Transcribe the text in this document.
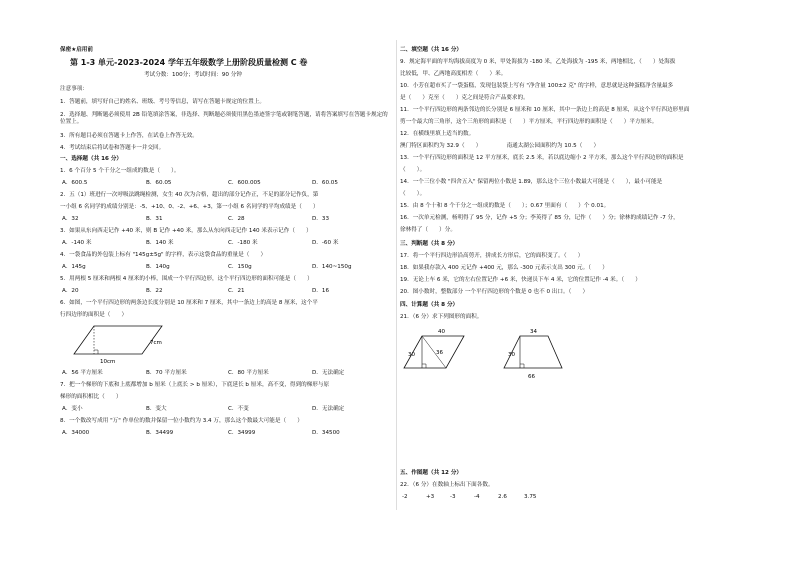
保密★启用前
第 1-3 单元-2023-2024 学年五年级数学上册阶段质量检测 C 卷
考试分数：100分；考试时间：90 分钟
注意事项：
1．答题前，填写好自己的姓名、班级、考号等信息，请写在答题卡规定的位置上。
2．选择题、判断题必须使用 2B 铅笔填涂答案，非选择、判断题必须使用黑色墨迹签字笔或钢笔答题，请将答案填写在答题卡规定的位置上。
3．所有题目必须在答题卡上作答，在试卷上作答无效。
4．考试结束后将试卷和答题卡一并交回。
一、选择题（共 16 分）
1．6 个百分 5 个千分之一组成的数是（　　）。
A．600.5	B．60.05	C．600.005	D．60.05
2．五（1）班进行一次呼吸法跳绳检测，女生 40 次为合格，超出的部分记作正，不足的部分记作负，第
一小组 6 名同学的成绩分别是：-5、+10、0、-2、+6、+3，第一小组 6 名同学的平均成绩是（　　）
A．32	B．31	C．28	D．33
3．如果从东向西走记作 +40 米，则 B 记作 +40 米，那么从东向西走记作 140 米表示记作（　　）
A．-140 米	B．140 米	C．-180 米	D．-60 米
4．一袋食品的外包装上标有 "145g±5g" 的字样，表示这袋食品的重量是（　　）
A．145g	B．140g	C．150g	D．140~150g
5．用两根 5 厘米和两根 4 厘米的小棒，围成一个平行四边形，这个平行四边形的面积可能是（　　）
A．20	B．22	C．21	D．16
6．如图，一个平行四边形的两条边长度分别是 10 厘米和 7 厘米，其中一条边上的高是 8 厘米，这个平
行四边形的面积是（　　）
10cm
7cm
A．56 平方厘米	B．70 平方厘米	C．80 平方厘米	D．无法确定
7．把一个梯形的下底和上底都增加 b 厘米（上底长 > b 厘米），下底延长 b 厘米，高不变，得到的梯形与原
梯形的面积相比（　　）
A．变小	B．变大	C．不变	D．无法确定
8．一个数改写成用 "万" 作单位的数并保留一位小数约为 3.4 万，那么这个数最大可能是（　　）
A．34000	B．34499	C．34999	D．34500
二、填空题（共 16 分）
9．规定海平面的平均海拔高度为 0 米，甲处海拔为 -180 米，乙处海拔为 -195 米，两地相比，（　　）处海拔
比较低，甲、乙两地高度相差（　　）米。
10．小芳在超市买了一袋蛋糕，发现包装袋上写有 "净含量 100±2 克" 的字样，意思就是这种蛋糕净含量最多
是（　　）克至（　　）克之间是符合产品要求的。
11．一个平行四边形的两条邻边的长分别是 6 厘米和 10 厘米，其中一条边上的高是 8 厘米，从这个平行四边形里面
剪一个最大的三角形，这个三角形的面积是（　　）平方厘米，平行四边形的面积是（　　）平方厘米。
12．在横线里填上适当的数。
澳门特区面积约为 32.9（　　）　　　　　南通太湖公园面积约为 10.5（　　）
13．一个平行四边形的面积是 12 平方厘米，底长 2.5 米，若以底边缩小 2 平方米，那么这个平行四边形的面积是
（　　）。
14．一个三位小数 "四舍五入" 保留两位小数是 1.89，那么这个三位小数最大可能是（　　），最小可能是
（　　）。
15．由 8 个十和 8 个千分之一组成的数是（　　）；0.67 里面有（　　）个 0.01。
16．一次单元检测，杨明得了 95 分，记作 +5 分；李英得了 85 分，记作（　　）分；徐林的成绩记作 -7 分，
徐林得了（　　）分。
三、判断题（共 8 分）
17．将一个平行四边形沿高剪开，拼成长方形后，它的面积变了。（　　）
18．如果我存款入 400 元记作 +400 元，那么 -300 元表示支出 300 元。（　　）
19．无论上车 6 米，它的左右位置记作 +6 米，快递员下车 4 米，它的位置记作 -4 米。（　　）
20．图小数时，整数部分 一个平行四边形的个数是 0 也不 0 出口。（　　）
四、计算题（共 8 分）
21．（6 分）求下列图形的面积。
40
30	36
34
30
66
五、作图题（共 12 分）
22．（6 分）在数轴上标出下面各数。
-2	+3	-3	-4	2.6	3.75
